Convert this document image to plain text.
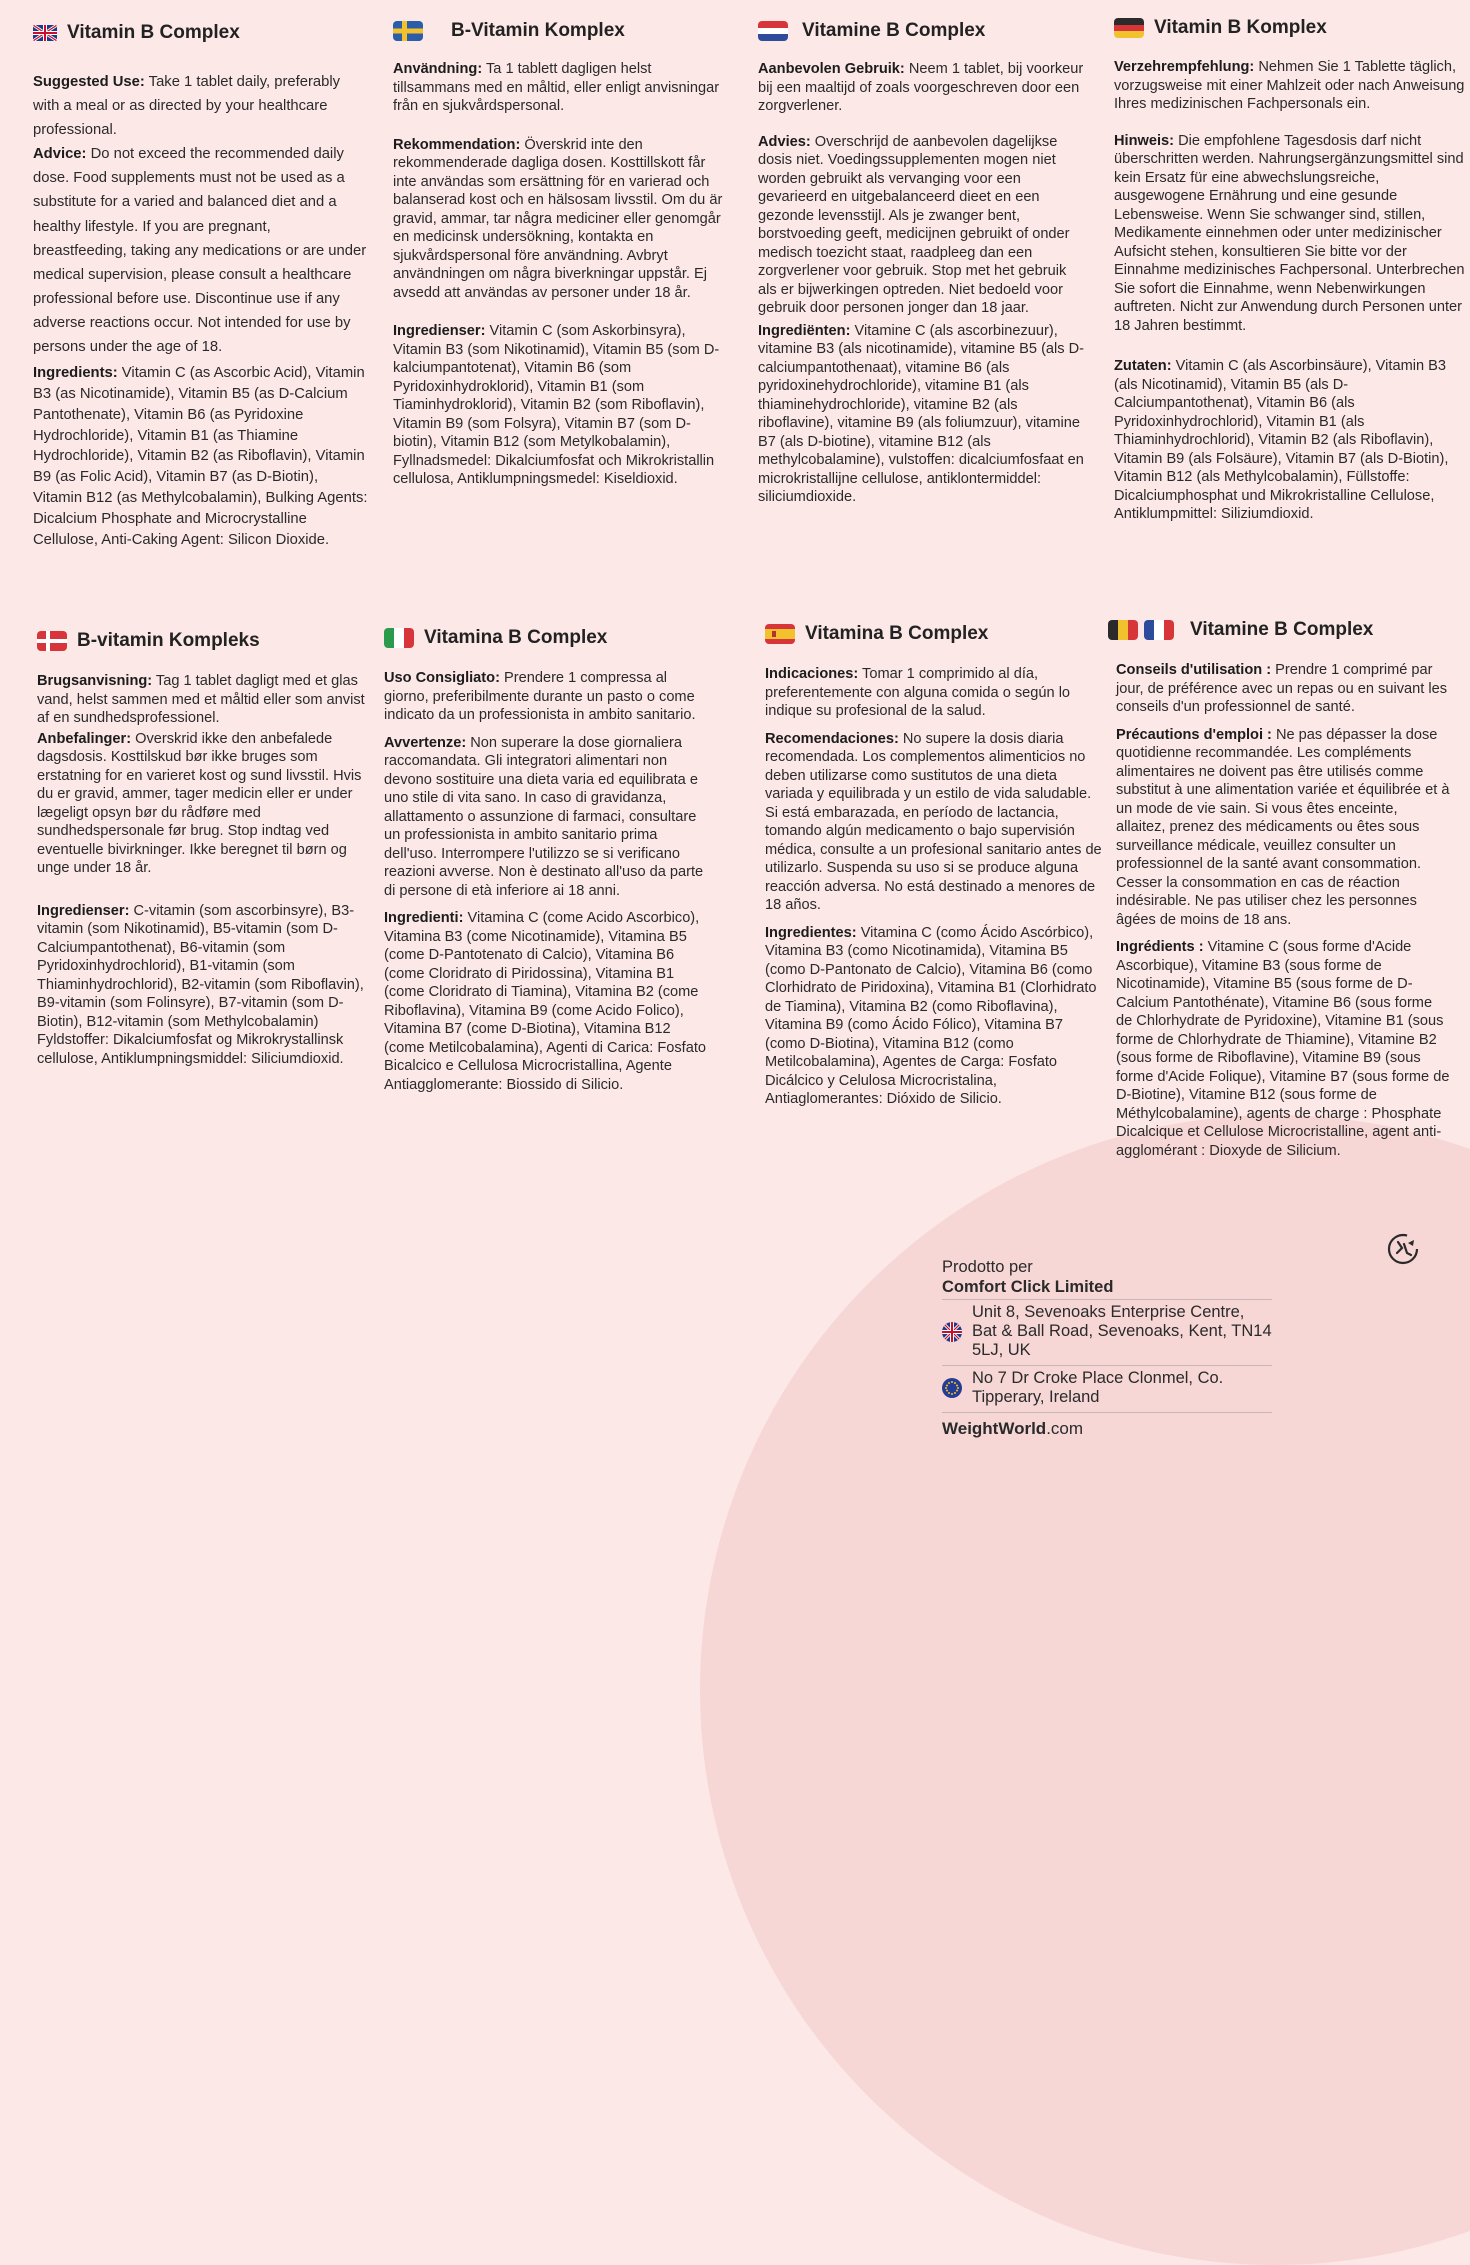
Vitamin B Complex

Suggested Use: Take 1 tablet daily, preferably with a meal or as directed by your healthcare professional.

Advice: Do not exceed the recommended daily dose. Food supplements must not be used as a substitute for a varied and balanced diet and a healthy lifestyle. If you are pregnant, breastfeeding, taking any medications or are under medical supervision, please consult a healthcare professional before use. Discontinue use if any adverse reactions occur. Not intended for use by persons under the age of 18.

Ingredients: Vitamin C (as Ascorbic Acid), Vitamin B3 (as Nicotinamide), Vitamin B5 (as D-Calcium Pantothenate), Vitamin B6 (as Pyridoxine Hydrochloride), Vitamin B1 (as Thiamine Hydrochloride), Vitamin B2 (as Riboflavin), Vitamin B9 (as Folic Acid), Vitamin B7 (as D-Biotin), Vitamin B12 (as Methylcobalamin), Bulking Agents: Dicalcium Phosphate and Microcrystalline Cellulose, Anti-Caking Agent: Silicon Dioxide.

B-Vitamin Komplex

Användning: Ta 1 tablett dagligen helst tillsammans med en måltid, eller enligt anvisningar från en sjukvårdspersonal.

Rekommendation: Överskrid inte den rekommenderade dagliga dosen. Kosttillskott får inte användas som ersättning för en varierad och balanserad kost och en hälsosam livsstil. Om du är gravid, ammar, tar några mediciner eller genomgår en medicinsk undersökning, kontakta en sjukvårdspersonal före användning. Avbryt användningen om några biverkningar uppstår. Ej avsedd att användas av personer under 18 år.

Ingredienser: Vitamin C (som Askorbinsyra), Vitamin B3 (som Nikotinamid), Vitamin B5 (som D-kalciumpantotenat), Vitamin B6 (som Pyridoxinhydroklorid), Vitamin B1 (som Tiaminhydroklorid), Vitamin B2 (som Riboflavin), Vitamin B9 (som Folsyra), Vitamin B7 (som D-biotin), Vitamin B12 (som Metylkobalamin), Fyllnadsmedel: Dikalciumfosfat och Mikrokristallin cellulosa, Antiklumpningsmedel: Kiseldioxid.

Vitamine B Complex

Aanbevolen Gebruik: Neem 1 tablet, bij voorkeur bij een maaltijd of zoals voorgeschreven door een zorgverlener.

Advies: Overschrijd de aanbevolen dagelijkse dosis niet. Voedingssupplementen mogen niet worden gebruikt als vervanging voor een gevarieerd en uitgebalanceerd dieet en een gezonde levensstijl. Als je zwanger bent, borstvoeding geeft, medicijnen gebruikt of onder medisch toezicht staat, raadpleeg dan een zorgverlener voor gebruik. Stop met het gebruik als er bijwerkingen optreden. Niet bedoeld voor gebruik door personen jonger dan 18 jaar.

Ingrediënten: Vitamine C (als ascorbinezuur), vitamine B3 (als nicotinamide), vitamine B5 (als D-calciumpantothenaat), vitamine B6 (als pyridoxinehydrochloride), vitamine B1 (als thiaminehydrochloride), vitamine B2 (als riboflavine), vitamine B9 (als foliumzuur), vitamine B7 (als D-biotine), vitamine B12 (als methylcobalamine), vulstoffen: dicalciumfosfaat en microkristallijne cellulose, antiklontermiddel: siliciumdioxide.

Vitamin B Komplex

Verzehrempfehlung: Nehmen Sie 1 Tablette täglich, vorzugsweise mit einer Mahlzeit oder nach Anweisung Ihres medizinischen Fachpersonals ein.

Hinweis: Die empfohlene Tagesdosis darf nicht überschritten werden. Nahrungsergänzungsmittel sind kein Ersatz für eine abwechslungsreiche, ausgewogene Ernährung und eine gesunde Lebensweise. Wenn Sie schwanger sind, stillen, Medikamente einnehmen oder unter medizinischer Aufsicht stehen, konsultieren Sie bitte vor der Einnahme medizinisches Fachpersonal. Unterbrechen Sie sofort die Einnahme, wenn Nebenwirkungen auftreten. Nicht zur Anwendung durch Personen unter 18 Jahren bestimmt.

Zutaten: Vitamin C (als Ascorbinsäure), Vitamin B3 (als Nicotinamid), Vitamin B5 (als D-Calciumpantothenat), Vitamin B6 (als Pyridoxinhydrochlorid), Vitamin B1 (als Thiaminhydrochlorid), Vitamin B2 (als Riboflavin), Vitamin B9 (als Folsäure), Vitamin B7 (als D-Biotin), Vitamin B12 (als Methylcobalamin), Füllstoffe: Dicalciumphosphat und Mikrokristalline Cellulose, Antiklumpmittel: Siliziumdioxid.

B-vitamin Kompleks

Brugsanvisning: Tag 1 tablet dagligt med et glas vand, helst sammen med et måltid eller som anvist af en sundhedsprofessionel.

Anbefalinger: Overskrid ikke den anbefalede dagsdosis. Kosttilskud bør ikke bruges som erstatning for en varieret kost og sund livsstil. Hvis du er gravid, ammer, tager medicin eller er under lægeligt opsyn bør du rådføre med sundhedspersonale før brug. Stop indtag ved eventuelle bivirkninger. Ikke beregnet til børn og unge under 18 år.

Ingredienser: C-vitamin (som ascorbinsyre), B3-vitamin (som Nikotinamid), B5-vitamin (som D-Calciumpantothenat), B6-vitamin (som Pyridoxinhydrochlorid), B1-vitamin (som Thiaminhydrochlorid), B2-vitamin (som Riboflavin), B9-vitamin (som Folinsyre), B7-vitamin (som D-Biotin), B12-vitamin (som Methylcobalamin) Fyldstoffer: Dikalciumfosfat og Mikrokrystallinsk cellulose, Antiklumpningsmiddel: Siliciumdioxid.

Vitamina B Complex

Uso Consigliato: Prendere 1 compressa al giorno, preferibilmente durante un pasto o come indicato da un professionista in ambito sanitario.

Avvertenze: Non superare la dose giornaliera raccomandata. Gli integratori alimentari non devono sostituire una dieta varia ed equilibrata e uno stile di vita sano. In caso di gravidanza, allattamento o assunzione di farmaci, consultare un professionista in ambito sanitario prima dell'uso. Interrompere l'utilizzo se si verificano reazioni avverse. Non è destinato all'uso da parte di persone di età inferiore ai 18 anni.

Ingredienti: Vitamina C (come Acido Ascorbico), Vitamina B3 (come Nicotinamide), Vitamina B5 (come D-Pantotenato di Calcio), Vitamina B6 (come Cloridrato di Piridossina), Vitamina B1 (come Cloridrato di Tiamina), Vitamina B2 (come Riboflavina), Vitamina B9 (come Acido Folico), Vitamina B7 (come D-Biotina), Vitamina B12 (come Metilcobalamina), Agenti di Carica: Fosfato Bicalcico e Cellulosa Microcristallina, Agente Antiagglomerante: Biossido di Silicio.

Vitamina B Complex

Indicaciones: Tomar 1 comprimido al día, preferentemente con alguna comida o según lo indique su profesional de la salud.

Recomendaciones: No supere la dosis diaria recomendada. Los complementos alimenticios no deben utilizarse como sustitutos de una dieta variada y equilibrada y un estilo de vida saludable. Si está embarazada, en período de lactancia, tomando algún medicamento o bajo supervisión médica, consulte a un profesional sanitario antes de utilizarlo. Suspenda su uso si se produce alguna reacción adversa. No está destinado a menores de 18 años.

Ingredientes: Vitamina C (como Ácido Ascórbico), Vitamina B3 (como Nicotinamida), Vitamina B5 (como D-Pantonato de Calcio), Vitamina B6 (como Clorhidrato de Piridoxina), Vitamina B1 (Clorhidrato de Tiamina), Vitamina B2 (como Riboflavina), Vitamina B9 (como Ácido Fólico), Vitamina B7 (como D-Biotina), Vitamina B12 (como Metilcobalamina), Agentes de Carga: Fosfato Dicálcico y Celulosa Microcristalina, Antiaglomerantes: Dióxido de Silicio.

Vitamine B Complex

Conseils d'utilisation : Prendre 1 comprimé par jour, de préférence avec un repas ou en suivant les conseils d'un professionnel de santé.

Précautions d'emploi : Ne pas dépasser la dose quotidienne recommandée. Les compléments alimentaires ne doivent pas être utilisés comme substitut à une alimentation variée et équilibrée et à un mode de vie sain. Si vous êtes enceinte, allaitez, prenez des médicaments ou êtes sous surveillance médicale, veuillez consulter un professionnel de la santé avant consommation. Cesser la consommation en cas de réaction indésirable. Ne pas utiliser chez les personnes âgées de moins de 18 ans.

Ingrédients : Vitamine C (sous forme d'Acide Ascorbique), Vitamine B3 (sous forme de Nicotinamide), Vitamine B5 (sous forme de D-Calcium Pantothénate), Vitamine B6 (sous forme de Chlorhydrate de Pyridoxine), Vitamine B1 (sous forme de Chlorhydrate de Thiamine), Vitamine B2 (sous forme de Riboflavine), Vitamine B9 (sous forme d'Acide Folique), Vitamine B7 (sous forme de D-Biotine), Vitamine B12 (sous forme de Méthylcobalamine), agents de charge : Phosphate Dicalcique et Cellulose Microcristalline, agent anti-agglomérant : Dioxyde de Silicium.

Prodotto per
Comfort Click Limited
Unit 8, Sevenoaks Enterprise Centre, Bat & Ball Road, Sevenoaks, Kent, TN14 5LJ, UK
No 7 Dr Croke Place Clonmel, Co. Tipperary, Ireland
WeightWorld.com
